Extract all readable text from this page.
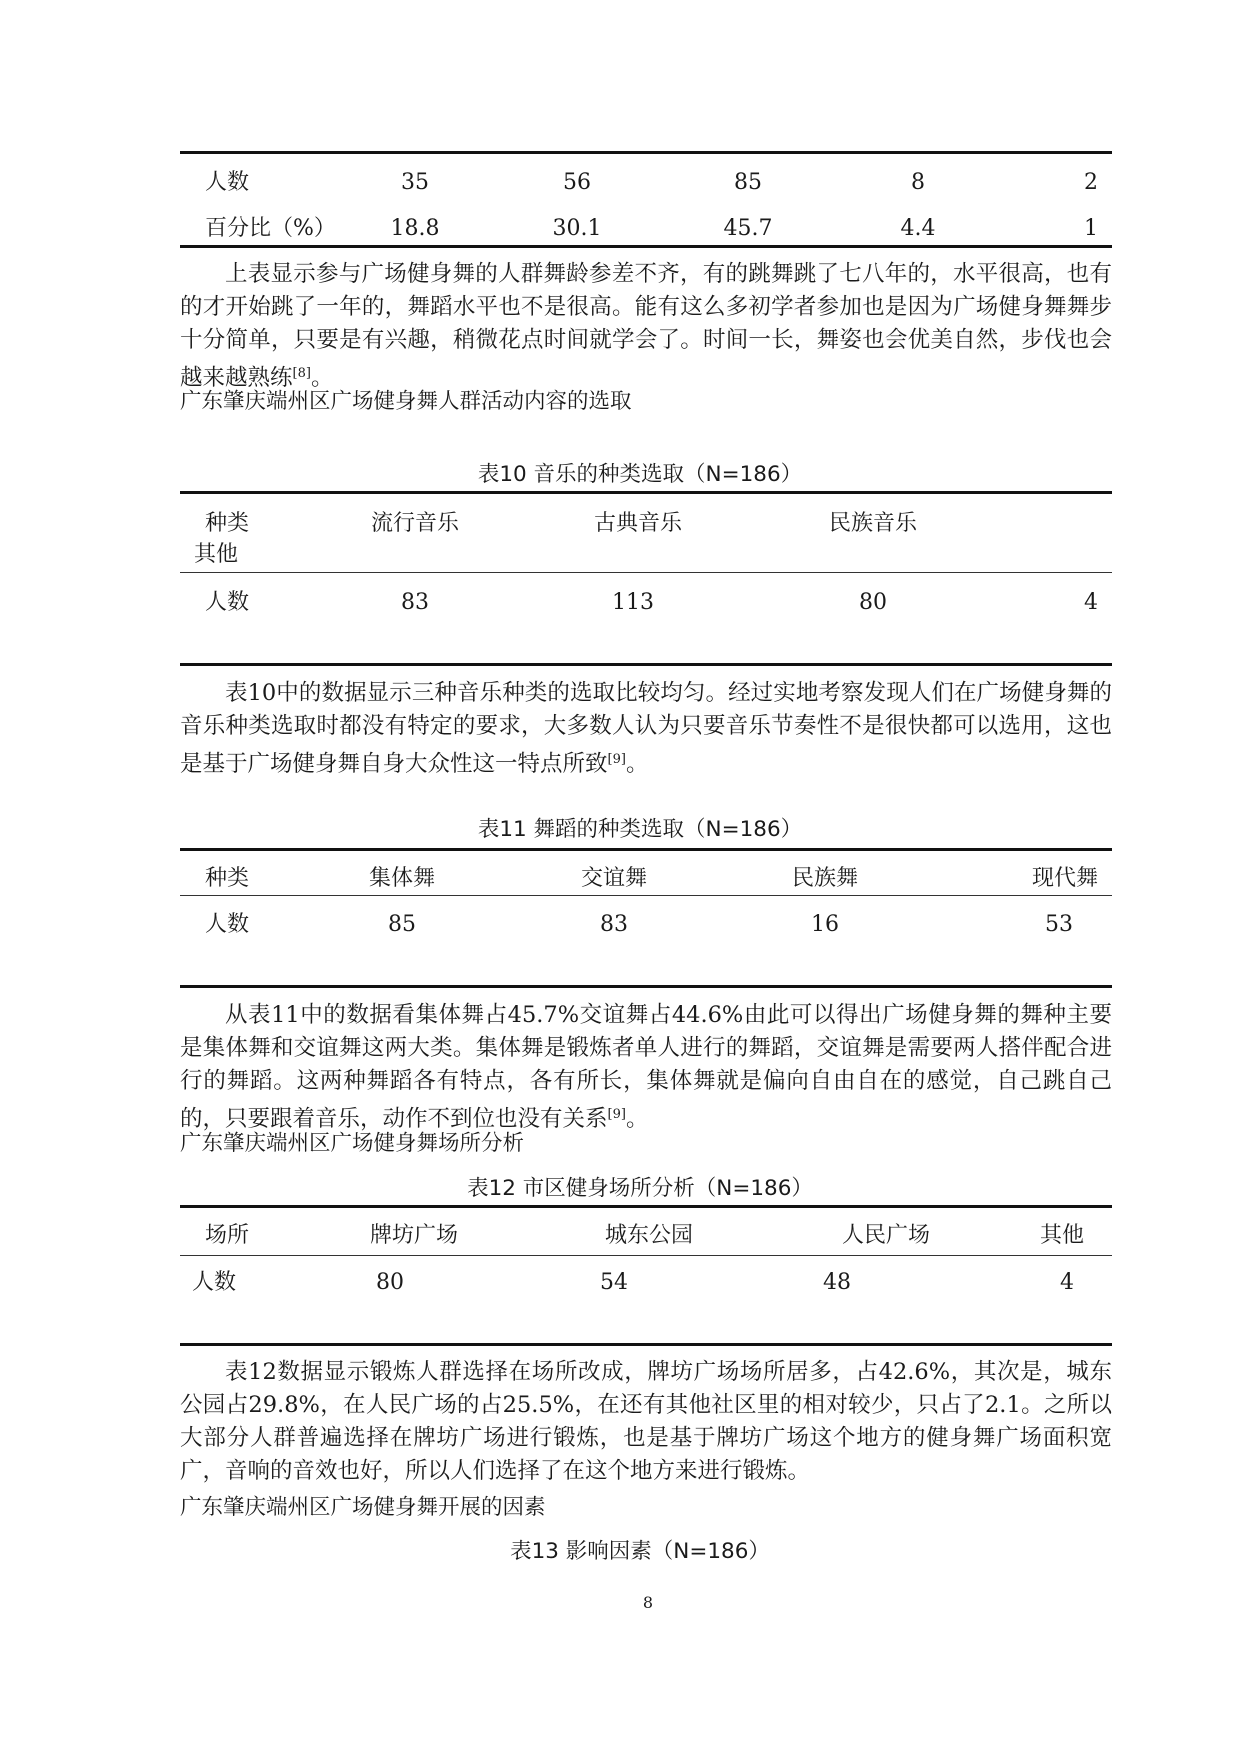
人数	35	56	85	8	2
百分比（%） 18.8	30.1	45.7	4.4	1

上表显示参与广场健身舞的人群舞龄参差不齐，有的跳舞跳了七八年的，水平很高，也有的才开始跳了一年的，舞蹈水平也不是很高。能有这么多初学者参加也是因为广场健身舞舞步十分简单，只要是有兴趣，稍微花点时间就学会了。时间一长，舞姿也会优美自然，步伐也会越来越熟练[8]。

广东肇庆端州区广场健身舞人群活动内容的选取
表10 音乐的种类选取（N=186）
种类	流行音乐	古典音乐	民族音乐
其他
人数	83	113	80	4

表10中的数据显示三种音乐种类的选取比较均匀。经过实地考察发现人们在广场健身舞的音乐种类选取时都没有特定的要求，大多数人认为只要音乐节奏性不是很快都可以选用，这也是基于广场健身舞自身大众性这一特点所致[9]。

表11 舞蹈的种类选取（N=186）
种类	集体舞	交谊舞	民族舞	现代舞
人数	85	83	16	53

从表11中的数据看集体舞占45.7%交谊舞占44.6%由此可以得出广场健身舞的舞种主要是集体舞和交谊舞这两大类。集体舞是锻炼者单人进行的舞蹈，交谊舞是需要两人搭伴配合进行的舞蹈。这两种舞蹈各有特点，各有所长，集体舞就是偏向自由自在的感觉，自己跳自己的，只要跟着音乐，动作不到位也没有关系[9]。

广东肇庆端州区广场健身舞场所分析
表12 市区健身场所分析（N=186）
场所	牌坊广场	城东公园	人民广场	其他
人数	80	54	48	4

表12数据显示锻炼人群选择在场所改成，牌坊广场场所居多，占42.6%，其次是，城东公园占29.8%，在人民广场的占25.5%，在还有其他社区里的相对较少，只占了2.1。之所以大部分人群普遍选择在牌坊广场进行锻炼，也是基于牌坊广场这个地方的健身舞广场面积宽广，音响的音效也好，所以人们选择了在这个地方来进行锻炼。

广东肇庆端州区广场健身舞开展的因素
表13 影响因素（N=186）
8
